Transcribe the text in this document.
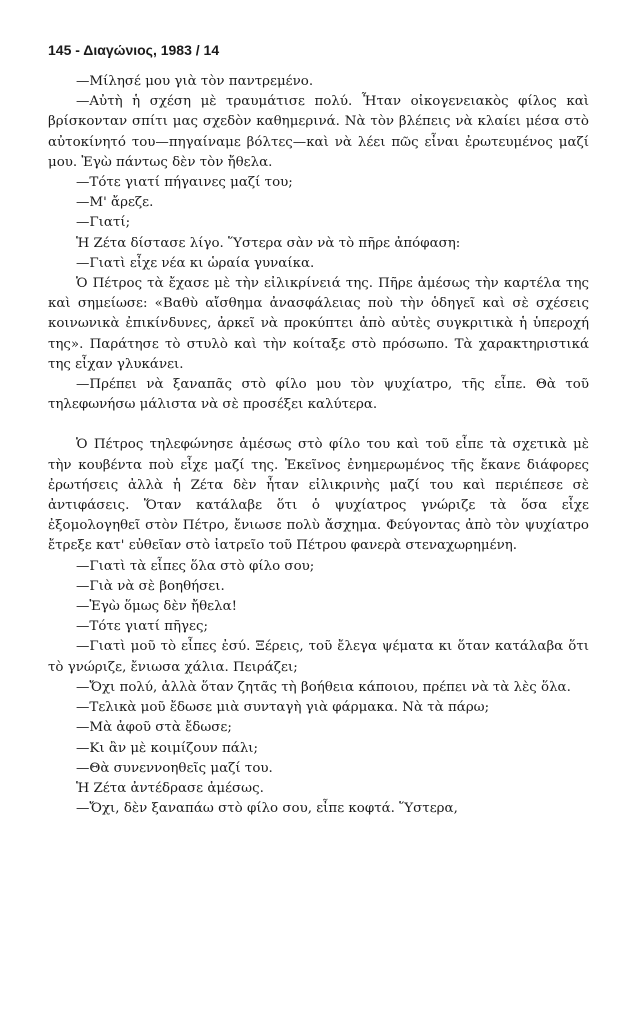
145 - Διαγώνιος, 1983 / 14

—Μίλησέ μου γιὰ τὸν παντρεμένο.

—Αὐτὴ ἡ σχέση μὲ τραυμάτισε πολύ. Ἦταν οἰκογενειακὸς φίλος καὶ βρίσκονταν σπίτι μας σχεδὸν καθημερινά. Νὰ τὸν βλέπεις νὰ κλαίει μέσα στὸ αὐτοκίνητό του—πηγαίναμε βόλτες—καὶ νὰ λέει πῶς εἶναι ἐρωτευμένος μαζί μου. Ἐγὼ πάντως δὲν τὸν ἤθελα.

—Τότε γιατί πήγαινες μαζί του;

—Μ' ἄρεζε.

—Γιατί;

Ἡ Ζέτα δίστασε λίγο. Ὕστερα σὰν νὰ τὸ πῆρε ἀπόφαση:

—Γιατὶ εἶχε νέα κι ὡραία γυναίκα.

Ὁ Πέτρος τὰ ἔχασε μὲ τὴν εἰλικρίνειά της. Πῆρε ἀμέσως τὴν καρτέλα της καὶ σημείωσε: «Βαθὺ αἴσθημα ἀνασφάλειας ποὺ τὴν ὁδηγεῖ καὶ σὲ σχέσεις κοινωνικὰ ἐπικίνδυνες, ἀρκεῖ νὰ προκύπτει ἀπὸ αὐτὲς συγκριτικὰ ἡ ὑπεροχή της». Παράτησε τὸ στυλὸ καὶ τὴν κοίταξε στὸ πρόσωπο. Τὰ χαρακτηριστικά της εἶχαν γλυκάνει.

—Πρέπει νὰ ξαναπᾶς στὸ φίλο μου τὸν ψυχίατρο, τῆς εἶπε. Θὰ τοῦ τηλεφωνήσω μάλιστα νὰ σὲ προσέξει καλύτερα.

Ὁ Πέτρος τηλεφώνησε ἀμέσως στὸ φίλο του καὶ τοῦ εἶπε τὰ σχετικὰ μὲ τὴν κουβέντα ποὺ εἶχε μαζί της. Ἐκεῖνος ἐνημερωμένος τῆς ἔκανε διάφορες ἐρωτήσεις ἀλλὰ ἡ Ζέτα δὲν ἦταν εἰλικρινὴς μαζί του καὶ περιέπεσε σὲ ἀντιφάσεις. Ὅταν κατάλαβε ὅτι ὁ ψυχίατρος γνώριζε τὰ ὅσα εἶχε ἐξομολογηθεῖ στὸν Πέτρο, ἔνιωσε πολὺ ἄσχημα. Φεύγοντας ἀπὸ τὸν ψυχίατρο ἔτρεξε κατ' εὐθεῖαν στὸ ἰατρεῖο τοῦ Πέτρου φανερὰ στεναχωρημένη.

—Γιατὶ τὰ εἶπες ὅλα στὸ φίλο σου;

—Γιὰ νὰ σὲ βοηθήσει.

—Ἐγὼ ὅμως δὲν ἤθελα!

—Τότε γιατί πῆγες;

—Γιατὶ μοῦ τὸ εἶπες ἐσύ. Ξέρεις, τοῦ ἔλεγα ψέματα κι ὅταν κατάλαβα ὅτι τὸ γνώριζε, ἔνιωσα χάλια. Πειράζει;

—Ὄχι πολύ, ἀλλὰ ὅταν ζητᾶς τὴ βοήθεια κάποιου, πρέπει νὰ τὰ λὲς ὅλα.

—Τελικὰ μοῦ ἔδωσε μιὰ συνταγὴ γιὰ φάρμακα. Νὰ τὰ πάρω;

—Μὰ ἀφοῦ στὰ ἔδωσε;

—Κι ἂν μὲ κοιμίζουν πάλι;

—Θὰ συνεννοηθεῖς μαζί του.

Ἡ Ζέτα ἀντέδρασε ἀμέσως.

—Ὄχι, δὲν ξαναπάω στὸ φίλο σου, εἶπε κοφτά. Ὕστερα,
